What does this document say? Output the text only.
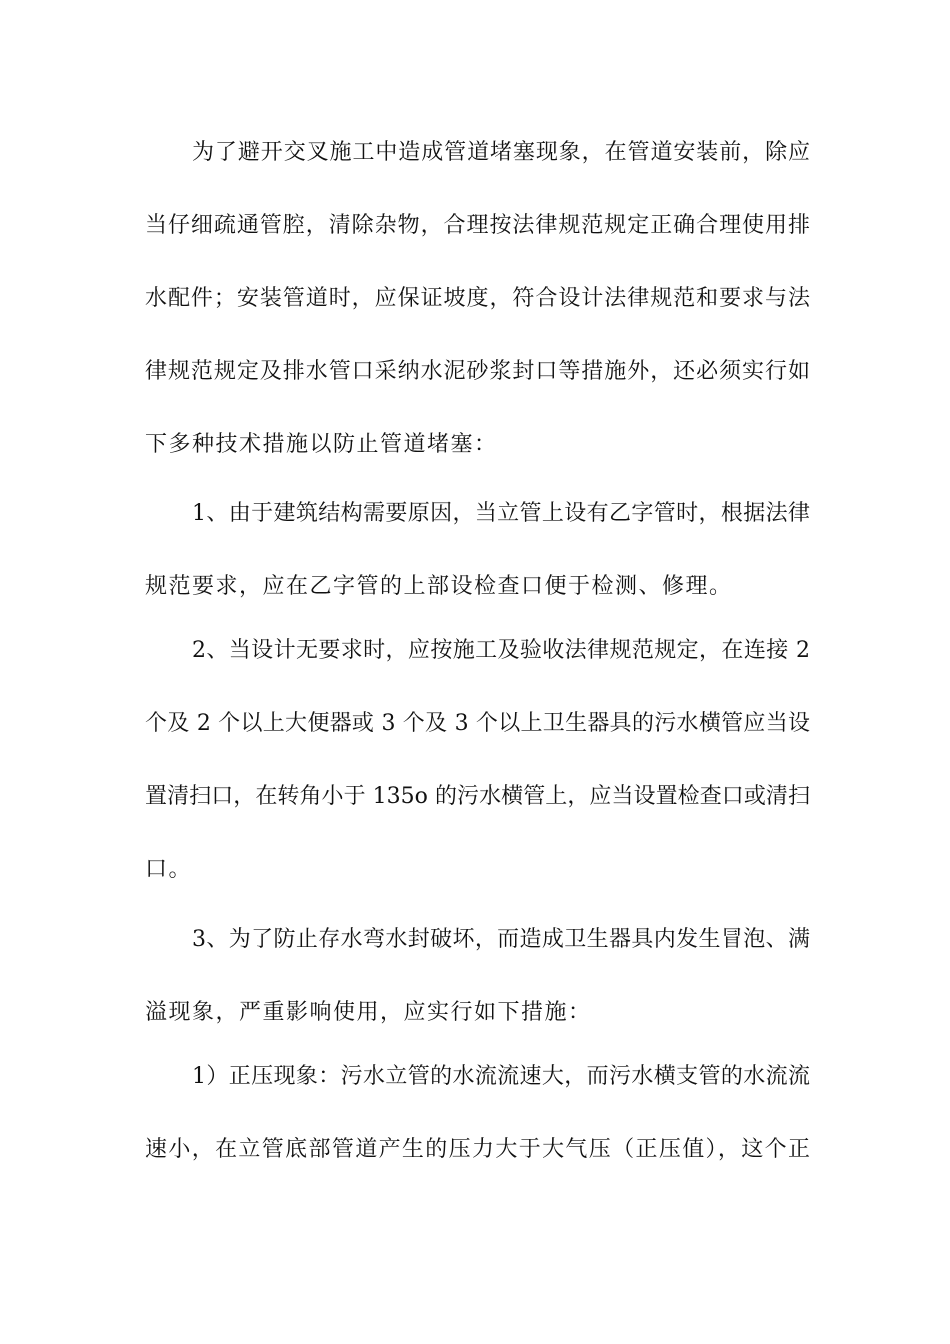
为了避开交叉施工中造成管道堵塞现象，在管道安装前，除应
当仔细疏通管腔，清除杂物，合理按法律规范规定正确合理使用排
水配件；安装管道时，应保证坡度，符合设计法律规范和要求与法
律规范规定及排水管口采纳水泥砂浆封口等措施外，还必须实行如
下多种技术措施以防止管道堵塞：
1、由于建筑结构需要原因，当立管上设有乙字管时，根据法律
规范要求，应在乙字管的上部设检查口便于检测、修理。
2、当设计无要求时，应按施工及验收法律规范规定，在连接 2
个及 2 个以上大便器或 3 个及 3 个以上卫生器具的污水横管应当设
置清扫口，在转角小于 135o 的污水横管上，应当设置检查口或清扫
口。
3、为了防止存水弯水封破坏，而造成卫生器具内发生冒泡、满
溢现象，严重影响使用，应实行如下措施：
1）正压现象：污水立管的水流流速大，而污水横支管的水流流
速小，在立管底部管道产生的压力大于大气压（正压值），这个正
